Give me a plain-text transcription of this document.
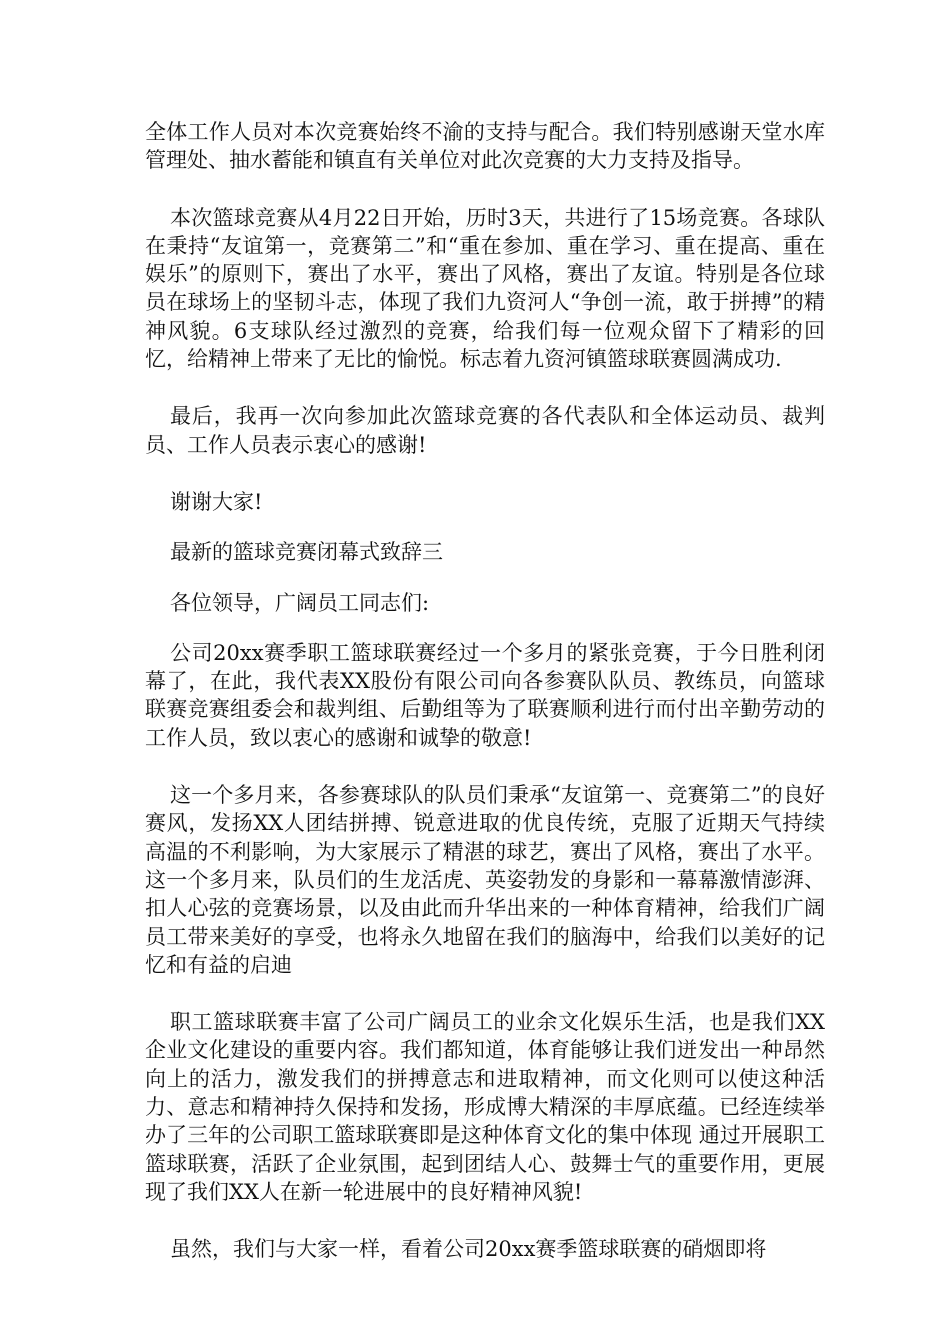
全体工作人员对本次竞赛始终不渝的支持与配合。我们特别感谢天堂水库管理处、抽水蓄能和镇直有关单位对此次竞赛的大力支持及指导。

本次篮球竞赛从4月22日开始，历时3天，共进行了15场竞赛。各球队在秉持“友谊第一，竞赛第二”和“重在参加、重在学习、重在提高、重在娱乐”的原则下，赛出了水平，赛出了风格，赛出了友谊。特别是各位球员在球场上的坚韧斗志，体现了我们九资河人“争创一流，敢于拼搏”的精神风貌。6支球队经过激烈的竞赛，给我们每一位观众留下了精彩的回忆，给精神上带来了无比的愉悦。标志着九资河镇篮球联赛圆满成功.

最后，我再一次向参加此次篮球竞赛的各代表队和全体运动员、裁判员、工作人员表示衷心的感谢!

谢谢大家!

最新的篮球竞赛闭幕式致辞三

各位领导，广阔员工同志们:

公司20xx赛季职工篮球联赛经过一个多月的紧张竞赛，于今日胜利闭幕了，在此，我代表XX股份有限公司向各参赛队队员、教练员，向篮球联赛竞赛组委会和裁判组、后勤组等为了联赛顺利进行而付出辛勤劳动的工作人员，致以衷心的感谢和诚挚的敬意!

这一个多月来，各参赛球队的队员们秉承“友谊第一、竞赛第二”的良好赛风，发扬XX人团结拼搏、锐意进取的优良传统，克服了近期天气持续高温的不利影响，为大家展示了精湛的球艺，赛出了风格，赛出了水平。这一个多月来，队员们的生龙活虎、英姿勃发的身影和一幕幕激情澎湃、扣人心弦的竞赛场景，以及由此而升华出来的一种体育精神，给我们广阔员工带来美好的享受，也将永久地留在我们的脑海中，给我们以美好的记忆和有益的启迪

职工篮球联赛丰富了公司广阔员工的业余文化娱乐生活，也是我们XX企业文化建设的重要内容。我们都知道，体育能够让我们迸发出一种昂然向上的活力，激发我们的拼搏意志和进取精神，而文化则可以使这种活力、意志和精神持久保持和发扬，形成博大精深的丰厚底蕴。已经连续举办了三年的公司职工篮球联赛即是这种体育文化的集中体现 通过开展职工篮球联赛，活跃了企业氛围，起到团结人心、鼓舞士气的重要作用，更展现了我们XX人在新一轮进展中的良好精神风貌!

虽然，我们与大家一样，看着公司20xx赛季篮球联赛的硝烟即将
